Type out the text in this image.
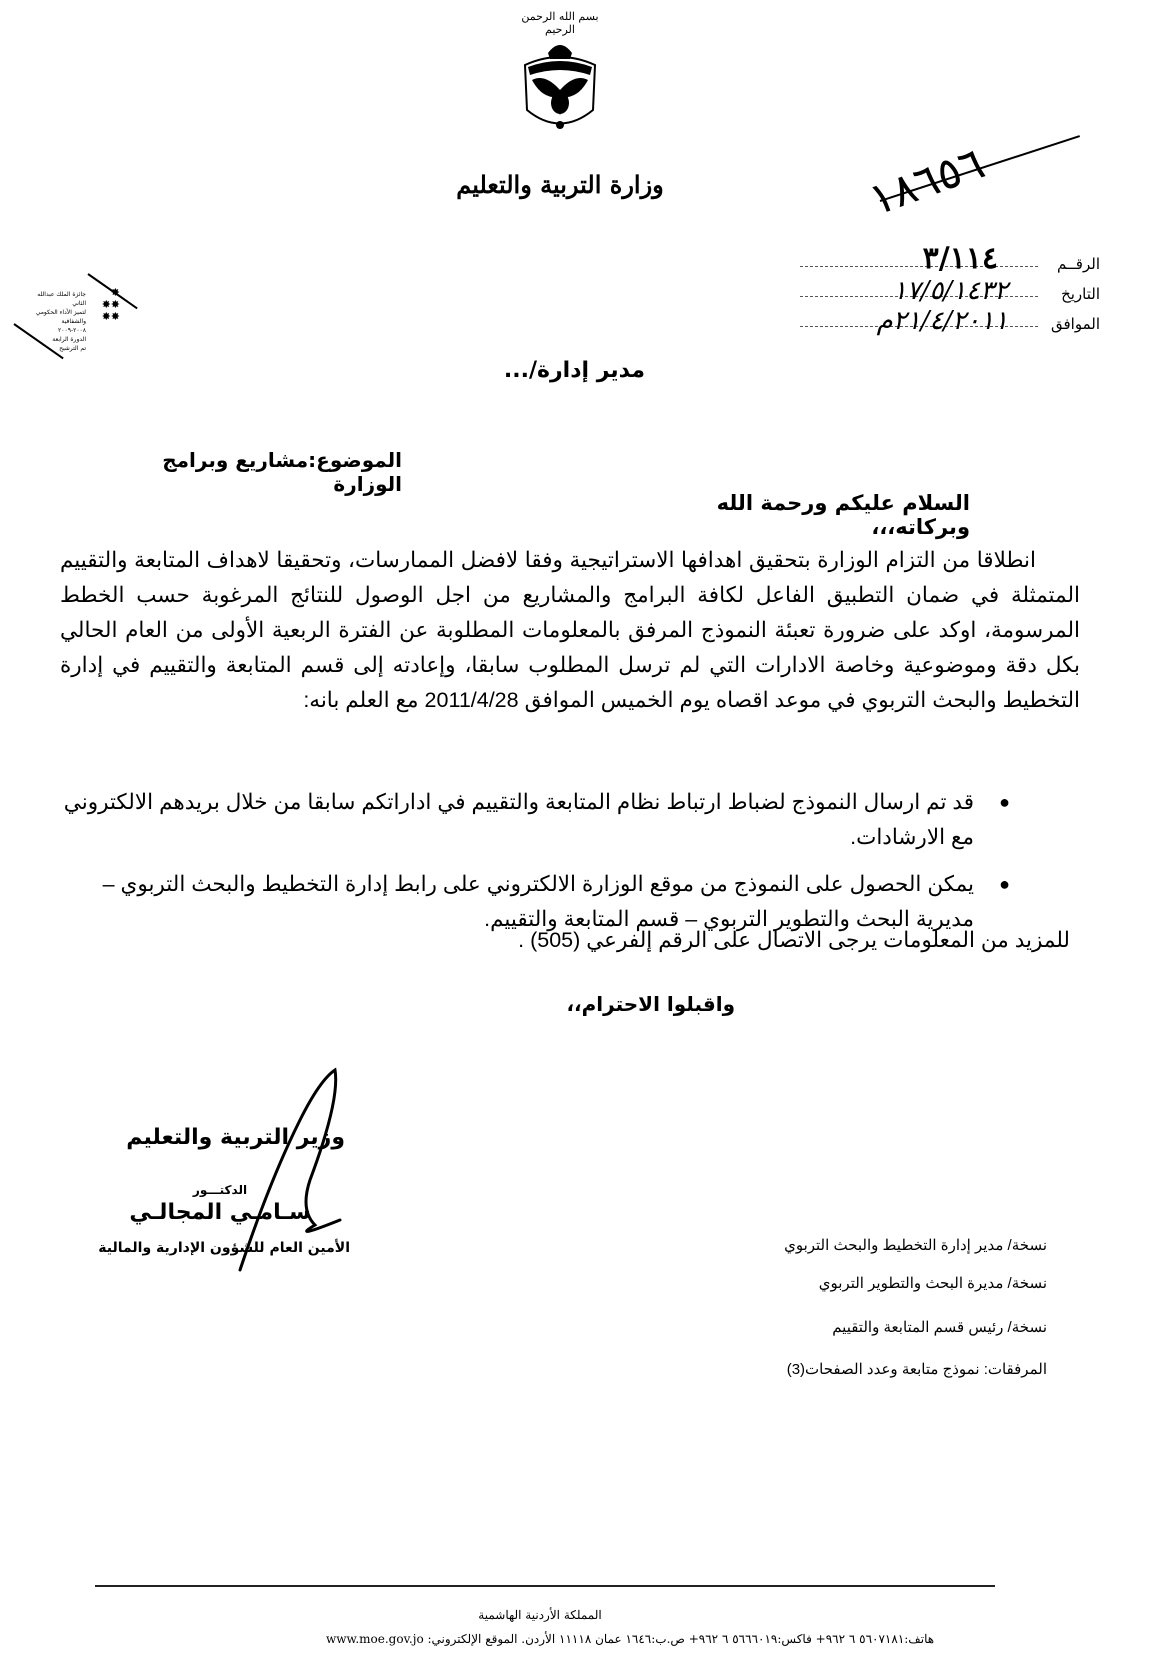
بسم الله الرحمن الرحيم
وزارة التربية والتعليم
جائزة الملك عبدالله الثاني
لتميز الأداء الحكومي والشفافية
٢٠٠٨-٢٠٠٩
الدورة الرابعة
تم الترشيح
✸
✸✸
✸✸
١٨٦٥٦
الرقــم
٣/١١٤
التاريخ
١٧/٥/١٤٣٢
الموافق
٢١/٤/٢٠١١م
مدير إدارة/...
الموضوع:مشاريع وبرامج الوزارة
السلام عليكم ورحمة الله وبركاته،،،
انطلاقا من التزام الوزارة بتحقيق اهدافها الاستراتيجية وفقا لافضل الممارسات، وتحقيقا لاهداف المتابعة والتقييم المتمثلة في ضمان التطبيق الفاعل لكافة البرامج والمشاريع من اجل الوصول للنتائج المرغوبة حسب الخطط المرسومة، اوكد على ضرورة تعبئة النموذج المرفق بالمعلومات المطلوبة عن الفترة الربعية الأولى من العام الحالي بكل دقة وموضوعية وخاصة الادارات التي لم ترسل المطلوب سابقا، وإعادته إلى قسم المتابعة والتقييم في إدارة التخطيط والبحث التربوي في موعد اقصاه يوم الخميس الموافق 2011/4/28 مع العلم بانه:
●
قد تم ارسال النموذج لضباط ارتباط نظام المتابعة والتقييم في اداراتكم سابقا من خلال بريدهم الالكتروني مع الارشادات.
●
يمكن الحصول على النموذج من موقع الوزارة الالكتروني على رابط إدارة التخطيط والبحث التربوي – مديرية البحث والتطوير التربوي – قسم المتابعة والتقييم.
للمزيد من المعلومات يرجى الاتصال على الرقم إلفرعي (505) .
واقبلوا الاحترام،،
وزير التربية والتعليم
الدكتـــور
سـامـي المجالـي
الأمين العام للشؤون الإدارية والمالية	نسخة/ مدير إدارة التخطيط والبحث التربوي
نسخة/ مديرة البحث والتطوير التربوي
نسخة/ رئيس قسم المتابعة والتقييم
المرفقات: نموذج متابعة وعدد الصفحات(3)
المملكة الأردنية الهاشمية
هاتف:٥٦٠٧١٨١ ٦ ٩٦٢+ فاكس:٥٦٦٦٠١٩ ٦ ٩٦٢+ ص.ب:١٦٤٦ عمان ١١١١٨ الأردن. الموقع الإلكتروني: www.moe.gov.jo
